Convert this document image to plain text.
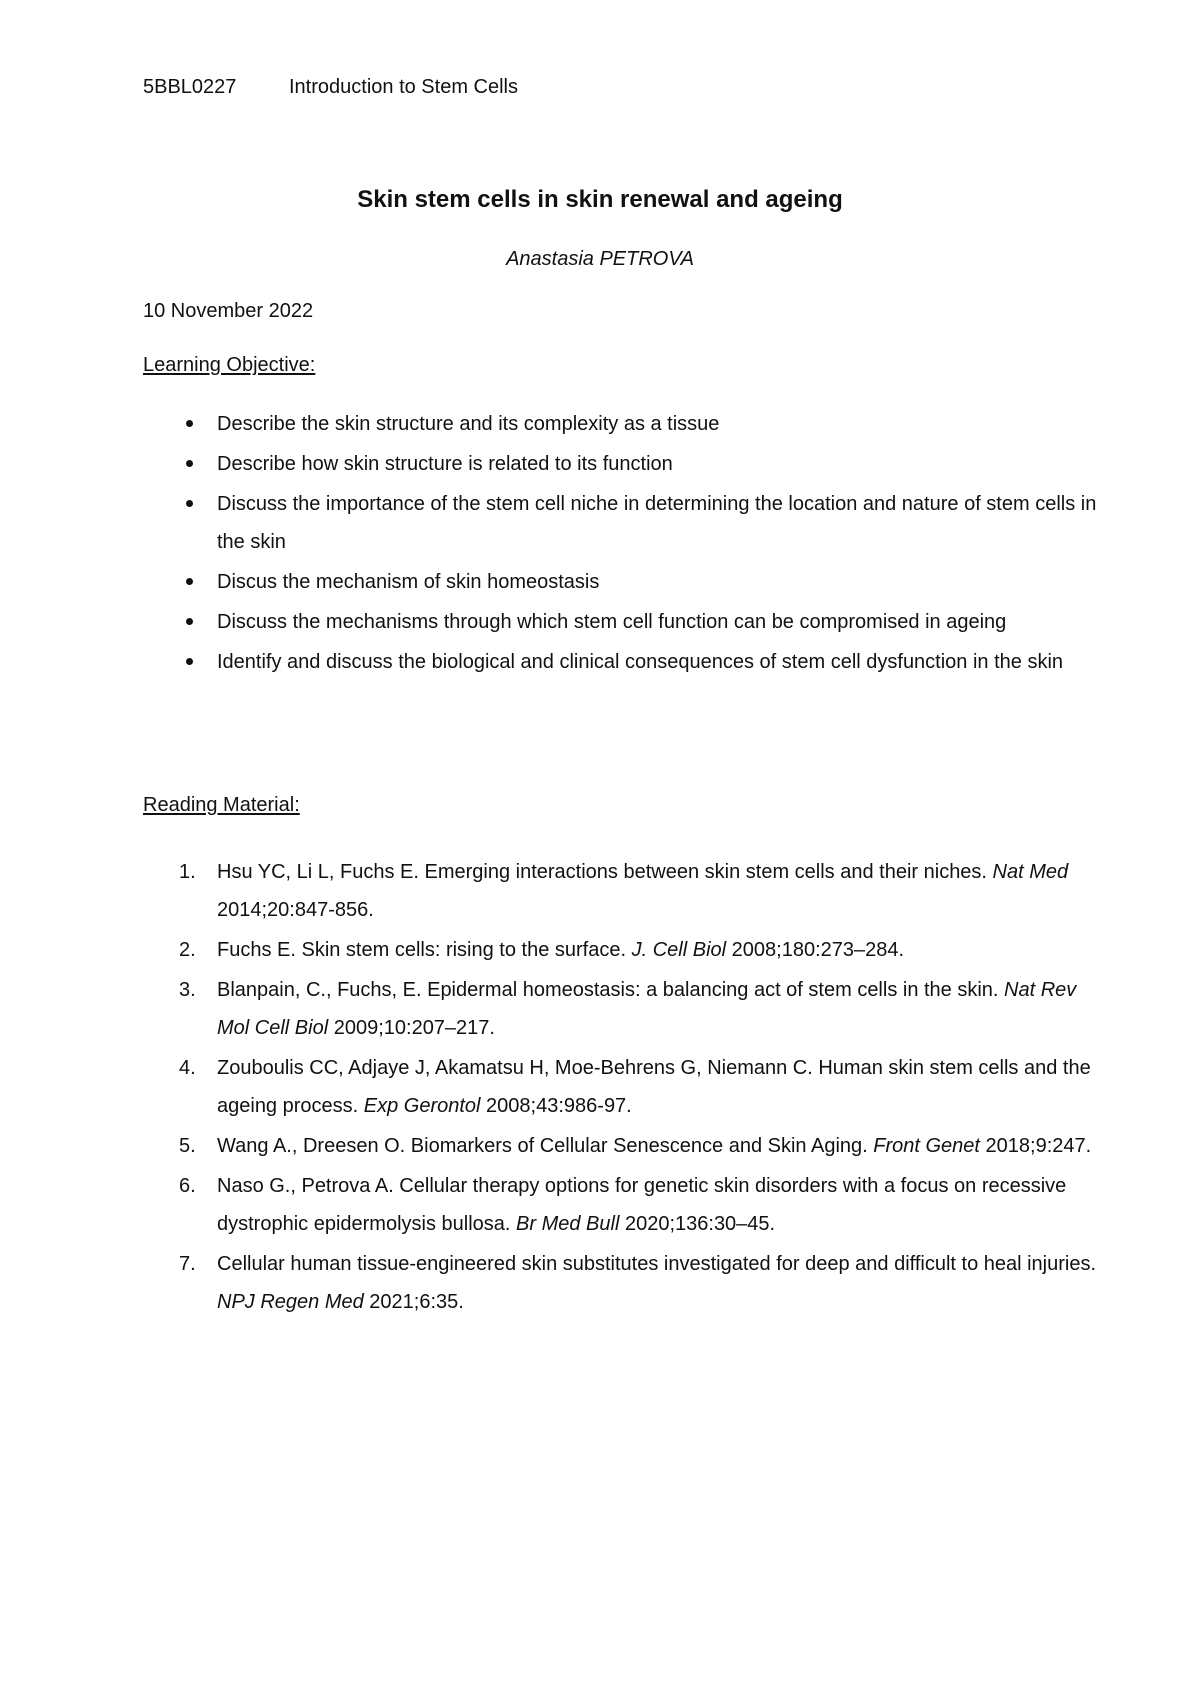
5BBL0227	Introduction to Stem Cells
Skin stem cells in skin renewal and ageing
Anastasia PETROVA
10 November 2022
Learning Objective:
Describe the skin structure and its complexity as a tissue
Describe how skin structure is related to its function
Discuss the importance of the stem cell niche in determining the location and nature of stem cells in the skin
Discus the mechanism of skin homeostasis
Discuss the mechanisms through which stem cell function can be compromised in ageing
Identify and discuss the biological and clinical consequences of stem cell dysfunction in the skin
Reading Material:
1. Hsu YC, Li L, Fuchs E. Emerging interactions between skin stem cells and their niches. Nat Med 2014;20:847-856.
2. Fuchs E. Skin stem cells: rising to the surface. J. Cell Biol 2008;180:273–284.
3. Blanpain, C., Fuchs, E. Epidermal homeostasis: a balancing act of stem cells in the skin. Nat Rev Mol Cell Biol 2009;10:207–217.
4. Zouboulis CC, Adjaye J, Akamatsu H, Moe-Behrens G, Niemann C. Human skin stem cells and the ageing process. Exp Gerontol 2008;43:986-97.
5. Wang A., Dreesen O. Biomarkers of Cellular Senescence and Skin Aging. Front Genet 2018;9:247.
6. Naso G., Petrova A. Cellular therapy options for genetic skin disorders with a focus on recessive dystrophic epidermolysis bullosa. Br Med Bull 2020;136:30–45.
7. Cellular human tissue-engineered skin substitutes investigated for deep and difficult to heal injuries. NPJ Regen Med 2021;6:35.
